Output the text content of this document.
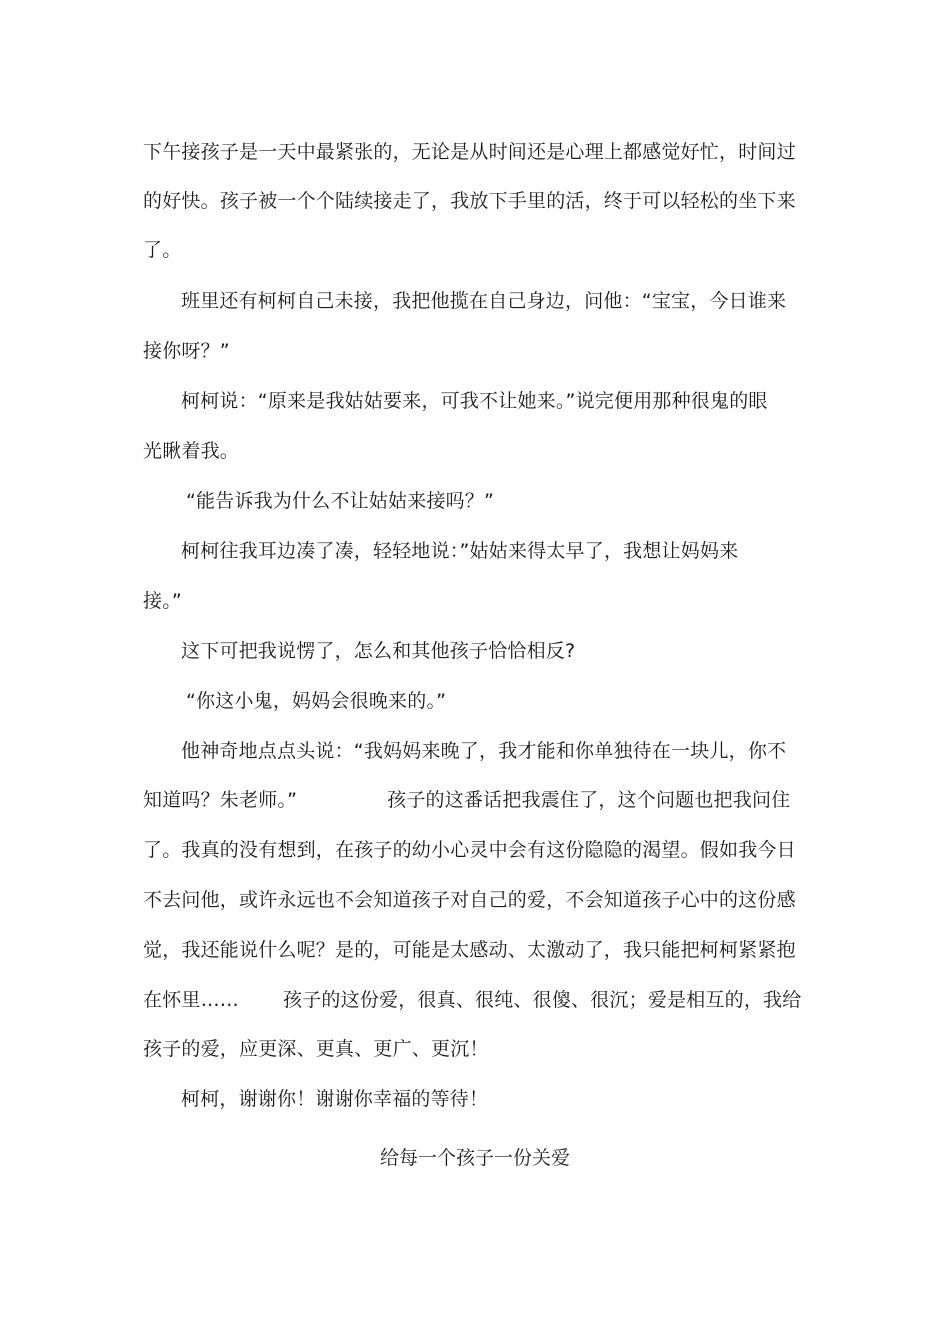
下午接孩子是一天中最紧张的，无论是从时间还是心理上都感觉好忙，时间过
的好快。孩子被一个个陆续接走了，我放下手里的活，终于可以轻松的坐下来
了。
班里还有柯柯自己未接，我把他揽在自己身边，问他：“宝宝，今日谁来
接你呀？”
柯柯说：“原来是我姑姑要来，可我不让她来。”说完便用那种很鬼的眼
光瞅着我。
“能告诉我为什么不让姑姑来接吗？”
柯柯往我耳边凑了凑，轻轻地说：”姑姑来得太早了，我想让妈妈来
接。”
这下可把我说愣了，怎么和其他孩子恰恰相反?
“你这小鬼，妈妈会很晚来的。”
他神奇地点点头说：“我妈妈来晚了，我才能和你单独待在一块儿，你不
知道吗？朱老师。”	孩子的这番话把我震住了，这个问题也把我问住
了。我真的没有想到，在孩子的幼小心灵中会有这份隐隐的渴望。假如我今日
不去问他，或许永远也不会知道孩子对自己的爱，不会知道孩子心中的这份感
觉，我还能说什么呢？是的，可能是太感动、太激动了，我只能把柯柯紧紧抱
在怀里…… 孩子的这份爱，很真、很纯、很傻、很沉；爱是相互的，我给
孩子的爱，应更深、更真、更广、更沉！
柯柯，谢谢你！谢谢你幸福的等待！
给每一个孩子一份关爱
